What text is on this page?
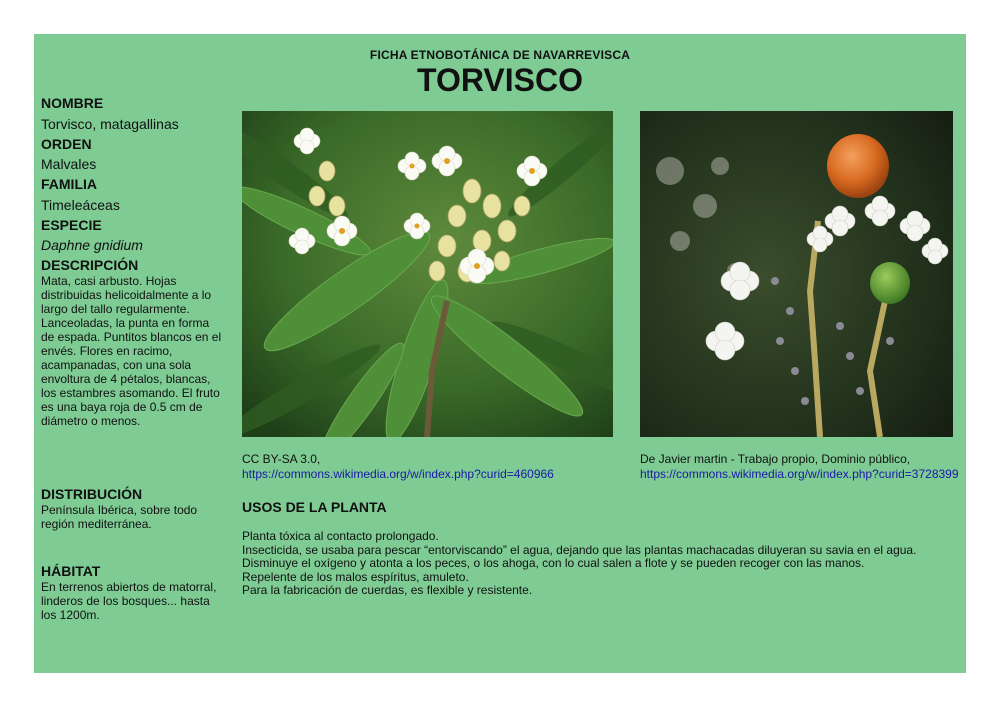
FICHA ETNOBOTÁNICA DE NAVARREVISCA
TORVISCO
NOMBRE
Torvisco, matagallinas
ORDEN
Malvales
FAMILIA
Timeleáceas
ESPECIE
Daphne gnidium
DESCRIPCIÓN
Mata, casi arbusto. Hojas
distribuidas helicoidalmente a lo
largo del tallo regularmente.
Lanceoladas, la punta en forma
de espada. Puntitos blancos en el
envés. Flores en racimo,
acampanadas, con una sola
envoltura de 4 pétalos, blancas,
los estambres asomando. El fruto
es una baya roja de 0.5 cm de
diámetro o menos.
DISTRIBUCIÓN
Península Ibérica, sobre todo
región mediterránea.
HÁBITAT
En terrenos abiertos de matorral,
linderos de los bosques... hasta
los 1200m.
CC BY-SA 3.0,
https://commons.wikimedia.org/w/index.php?curid=460966
De Javier martin - Trabajo propio, Dominio público,
https://commons.wikimedia.org/w/index.php?curid=3728399
USOS DE LA PLANTA
Planta tóxica al contacto prolongado.
Insecticida, se usaba para pescar “entorviscando” el agua, dejando que las plantas machacadas diluyeran su savia en el agua.
Disminuye el oxígeno y atonta a los peces, o los ahoga, con lo cual salen a flote y se pueden recoger con las manos.
Repelente de los malos espíritus, amuleto.
Para la fabricación de cuerdas, es flexible y resistente.
